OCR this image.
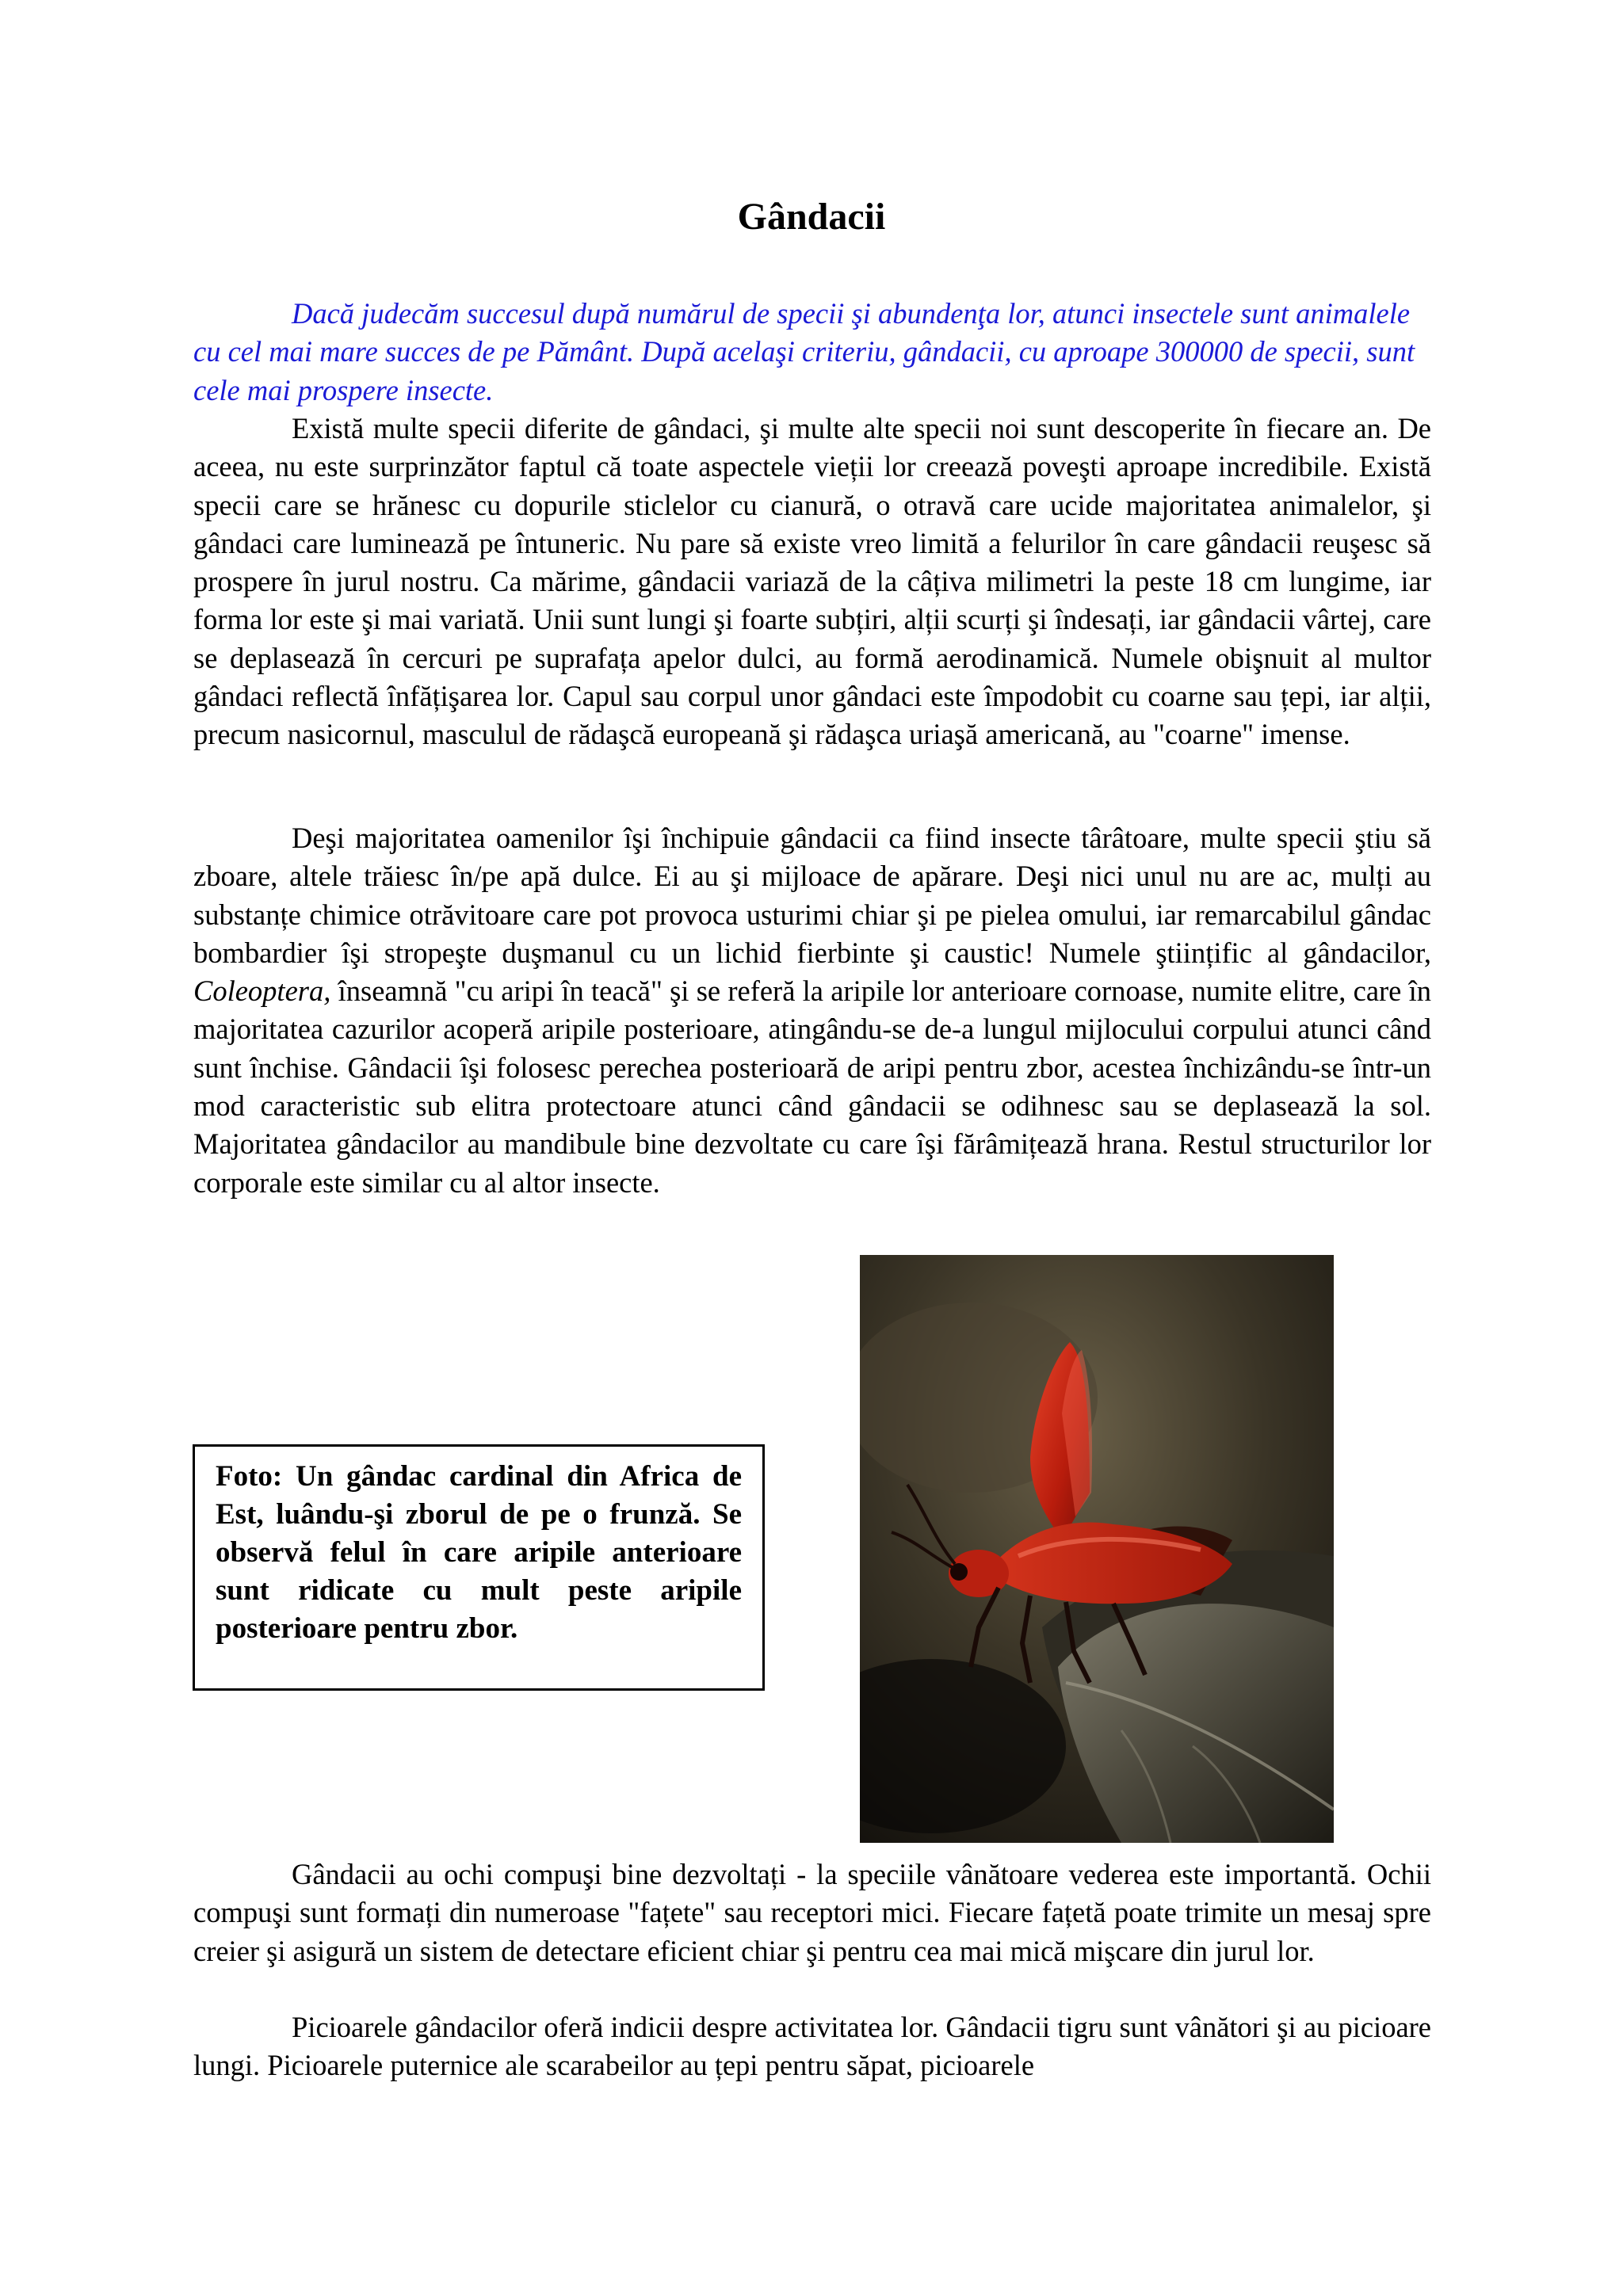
Gândacii

Dacă judecăm succesul după numărul de specii şi abundenţa lor, atunci insectele sunt animalele cu cel mai mare succes de pe Pământ. După acelaşi criteriu, gândacii, cu aproape 300000 de specii, sunt cele mai prospere insecte.

Există multe specii diferite de gândaci, şi multe alte specii noi sunt descoperite în fiecare an. De aceea, nu este surprinzător faptul că toate aspectele vieții lor creează poveşti aproape incredibile. Există specii care se hrănesc cu dopurile sticlelor cu cianură, o otravă care ucide majoritatea animalelor, şi gândaci care luminează pe întuneric. Nu pare să existe vreo limită a felurilor în care gândacii reuşesc să prospere în jurul nostru. Ca mărime, gândacii variază de la câțiva milimetri la peste 18 cm lungime, iar forma lor este şi mai variată. Unii sunt lungi şi foarte subțiri, alții scurți şi îndesați, iar gândacii vârtej, care se deplasează în cercuri pe suprafața apelor dulci, au formă aerodinamică. Numele obişnuit al multor gândaci reflectă înfățişarea lor. Capul sau corpul unor gândaci este împodobit cu coarne sau țepi, iar alții, precum nasicornul, masculul de rădaşcă europeană şi rădaşca uriaşă americană, au "coarne" imense.

Deşi majoritatea oamenilor îşi închipuie gândacii ca fiind insecte târâtoare, multe specii ştiu să zboare, altele trăiesc în/pe apă dulce. Ei au şi mijloace de apărare. Deşi nici unul nu are ac, mulți au substanțe chimice otrăvitoare care pot provoca usturimi chiar şi pe pielea omului, iar remarcabilul gândac bombardier îşi stropeşte duşmanul cu un lichid fierbinte şi caustic! Numele ştiințific al gândacilor, Coleoptera, înseamnă "cu aripi în teacă" şi se referă la aripile lor anterioare cornoase, numite elitre, care în majoritatea cazurilor acoperă aripile posterioare, atingându-se de-a lungul mijlocului corpului atunci când sunt închise. Gândacii îşi folosesc perechea posterioară de aripi pentru zbor, acestea închizându-se într-un mod caracteristic sub elitra protectoare atunci când gândacii se odihnesc sau se deplasează la sol. Majoritatea gândacilor au mandibule bine dezvoltate cu care îşi fărâmițează hrana. Restul structurilor lor corporale este similar cu al altor insecte.

Foto: Un gândac cardinal din Africa de Est, luându-şi zborul de pe o frunză. Se observă felul în care aripile anterioare sunt ridicate cu mult peste aripile posterioare pentru zbor.

Gândacii au ochi compuşi bine dezvoltați - la speciile vânătoare vederea este importantă. Ochii compuşi sunt formați din numeroase "fațete" sau receptori mici. Fiecare fațetă poate trimite un mesaj spre creier şi asigură un sistem de detectare eficient chiar şi pentru cea mai mică mişcare din jurul lor.

Picioarele gândacilor oferă indicii despre activitatea lor. Gândacii tigru sunt vânători şi au picioare lungi. Picioarele puternice ale scarabeilor au țepi pentru săpat, picioarele
